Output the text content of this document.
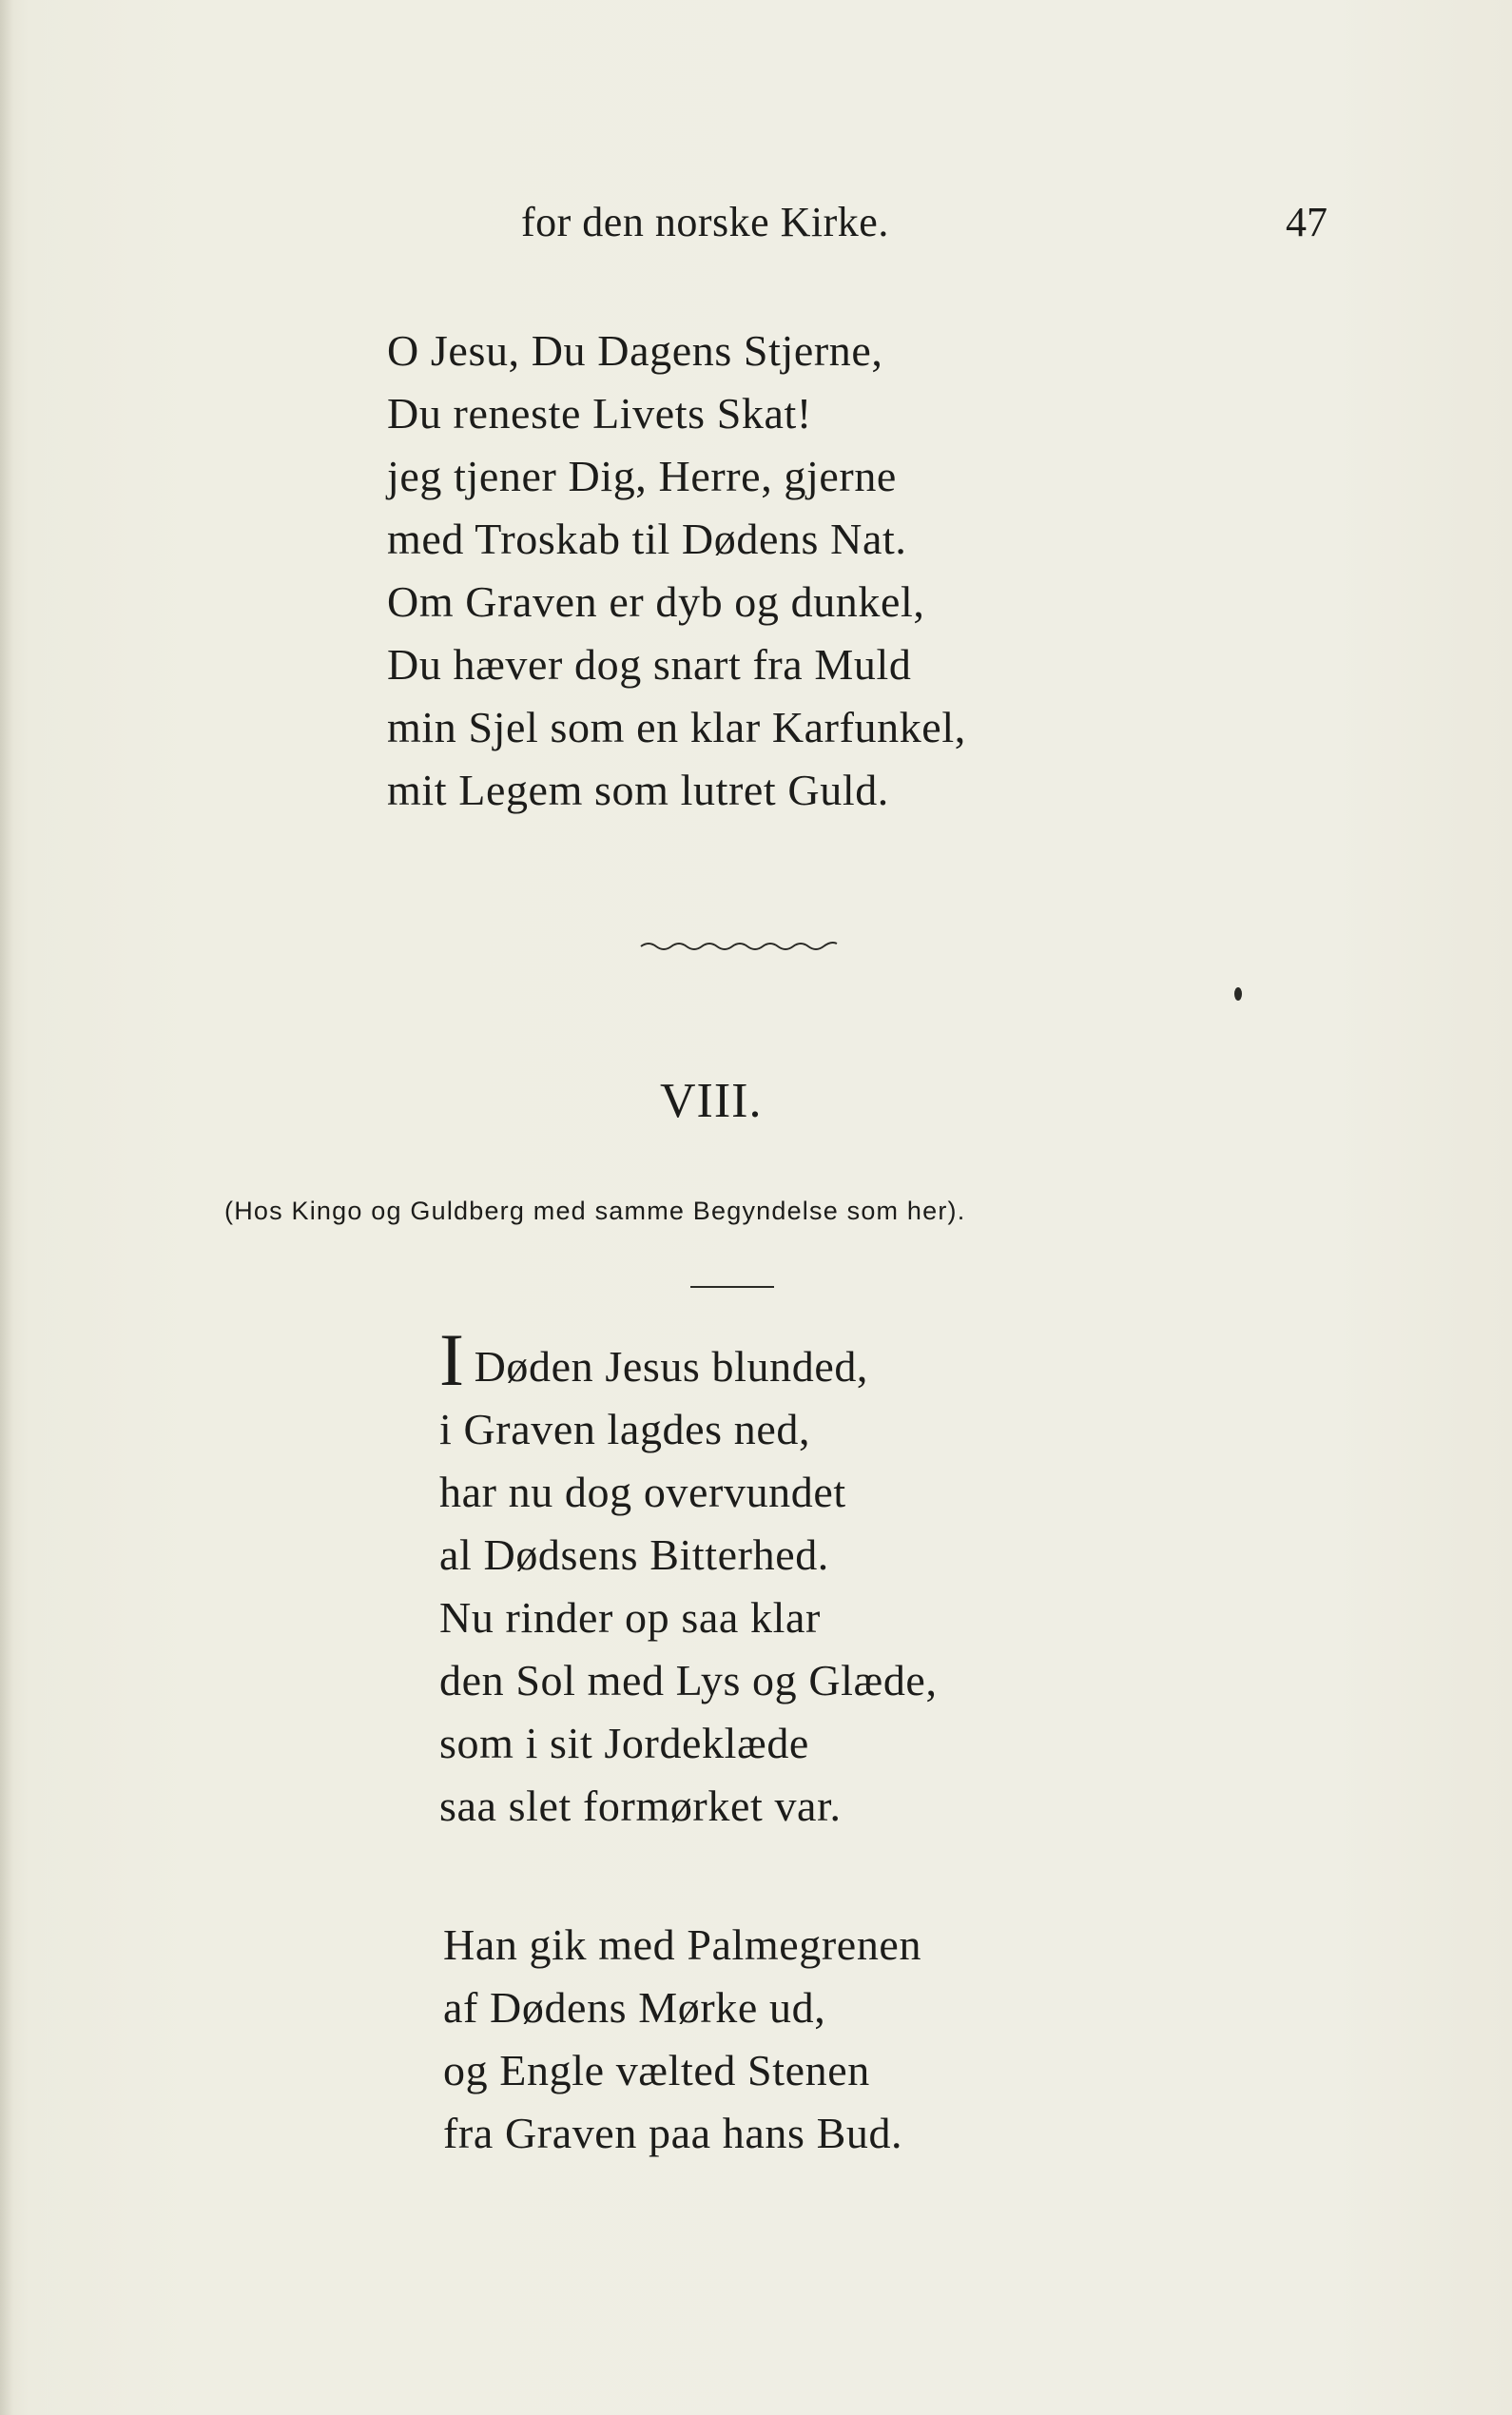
for den norske Kirke.	47
O Jesu, Du Dagens Stjerne,
Du reneste Livets Skat!
jeg tjener Dig, Herre, gjerne
med Troskab til Dødens Nat.
Om Graven er dyb og dunkel,
Du hæver dog snart fra Muld
min Sjel som en klar Karfunkel,
mit Legem som lutret Guld.
VIII.
(Hos Kingo og Guldberg med samme Begyndelse som her).
I Døden Jesus blunded,
i Graven lagdes ned,
har nu dog overvundet
al Dødsens Bitterhed.
Nu rinder op saa klar
den Sol med Lys og Glæde,
som i sit Jordeklæde
saa slet formørket var.
Han gik med Palmegrenen
af Dødens Mørke ud,
og Engle vælted Stenen
fra Graven paa hans Bud.
